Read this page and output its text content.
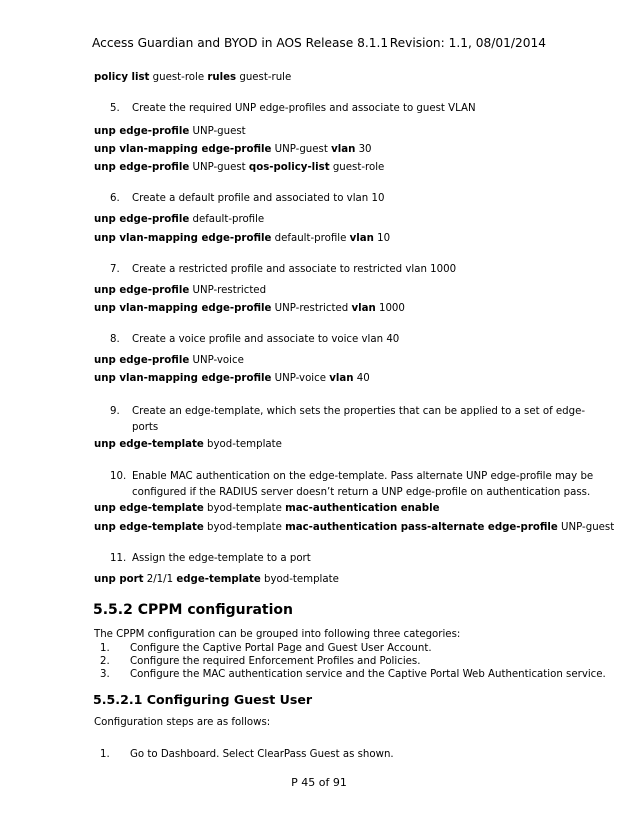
Access Guardian and BYOD in AOS Release 8.1.1 Revision: 1.1, 08/01/2014
policy list guest-role rules guest-rule
5. Create the required UNP edge-profiles and associate to guest VLAN
unp edge-profile UNP-guest
unp vlan-mapping edge-profile UNP-guest vlan 30
unp edge-profile UNP-guest qos-policy-list guest-role
6. Create a default profile and associated to vlan 10
unp edge-profile default-profile
unp vlan-mapping edge-profile default-profile vlan 10
7. Create a restricted profile and associate to restricted vlan 1000
unp edge-profile UNP-restricted
unp vlan-mapping edge-profile UNP-restricted vlan 1000
8. Create a voice profile and associate to voice vlan 40
unp edge-profile UNP-voice
unp vlan-mapping edge-profile UNP-voice vlan 40
9. Create an edge-template, which sets the properties that can be applied to a set of edge-
ports
unp edge-template byod-template
10. Enable MAC authentication on the edge-template. Pass alternate UNP edge-profile may be
configured if the RADIUS server doesn’t return a UNP edge-profile on authentication pass.
unp edge-template byod-template mac-authentication enable
unp edge-template byod-template mac-authentication pass-alternate edge-profile UNP-guest
11. Assign the edge-template to a port
unp port 2/1/1 edge-template byod-template
5.5.2 CPPM configuration
The CPPM configuration can be grouped into following three categories:
1. Configure the Captive Portal Page and Guest User Account.
2. Configure the required Enforcement Profiles and Policies.
3. Configure the MAC authentication service and the Captive Portal Web Authentication service.
5.5.2.1 Configuring Guest User
Configuration steps are as follows:
1. Go to Dashboard. Select ClearPass Guest as shown.
P 45 of 91
